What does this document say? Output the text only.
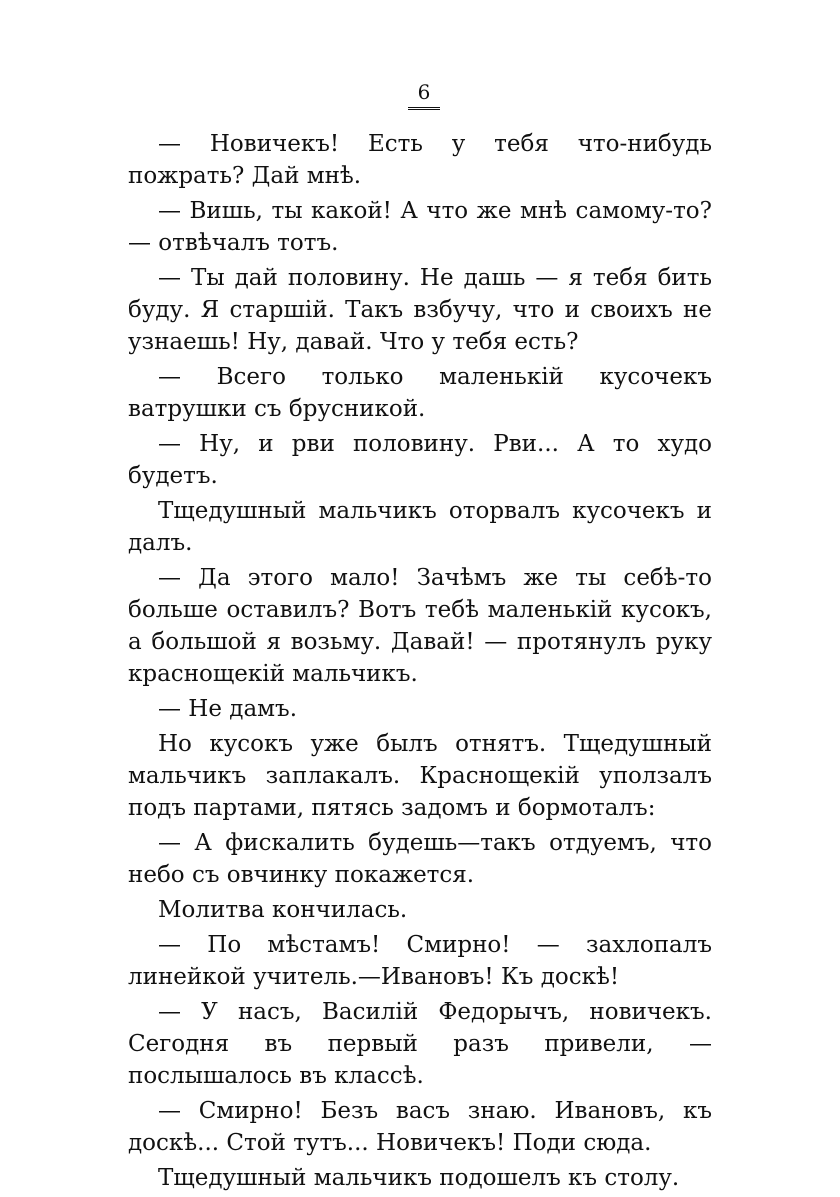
6

— Новичекъ! Есть у тебя что-нибудь пожрать? Дай мнѣ.

— Вишь, ты какой! А что же мнѣ самому-то?— отвѣчалъ тотъ.

— Ты дай половину. Не дашь — я тебя бить буду. Я старшій. Такъ взбучу, что и своихъ не узнаешь! Ну, давай. Что у тебя есть?

— Всего только маленькій кусочекъ ватрушки съ брусникой.

— Ну, и рви половину. Рви... А то худо будетъ.

Тщедушный мальчикъ оторвалъ кусочекъ и далъ.

— Да этого мало! Зачѣмъ же ты себѣ-то больше оставилъ? Вотъ тебѣ маленькій кусокъ, а большой я возьму. Давай! — протянулъ руку краснощекій мальчикъ.

— Не дамъ.

Но кусокъ уже былъ отнятъ. Тщедушный мальчикъ заплакалъ. Краснощекій уползалъ подъ партами, пятясь задомъ и бормоталъ:

— А фискалить будешь—такъ отдуемъ, что небо съ овчинку покажется.

Молитва кончилась.

— По мѣстамъ! Смирно! — захлопалъ линейкой учитель.—Ивановъ! Къ доскѣ!

— У насъ, Василій Федорычъ, новичекъ. Сегодня въ первый разъ привели, — послышалось въ классѣ.

— Смирно! Безъ васъ знаю. Ивановъ, къ доскѣ... Стой тутъ... Новичекъ! Поди сюда.

Тщедушный мальчикъ подошелъ къ столу.
